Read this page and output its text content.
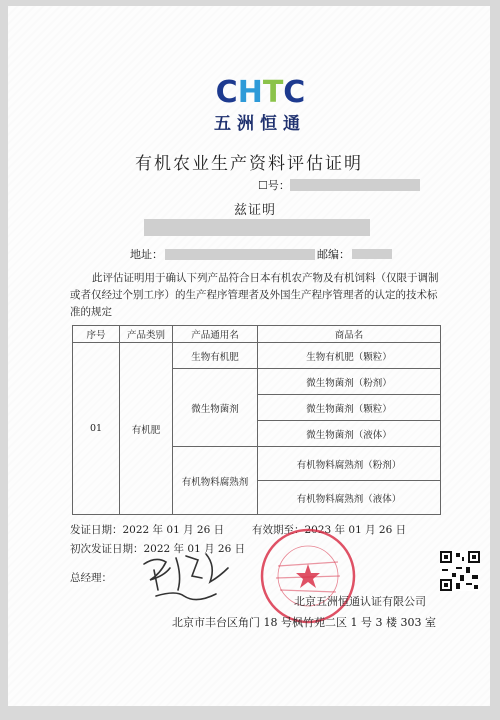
C H T C
五洲恒通
有机农业生产资料评估证明
☐号：
兹证明
地址：	邮编：
此评估证明用于确认下列产品符合日本有机农产物及有机饲料（仅限于调制或者仅经过个别工序）的生产程序管理者及外国生产程序管理者的认定的技术标准的规定
序号	产品类别	产品通用名	商品名
01	有机肥	生物有机肥	生物有机肥（颗粒）
		微生物菌剂	微生物菌剂（粉剂）
			微生物菌剂（颗粒）
			微生物菌剂（液体）
		有机物料腐熟剂	有机物料腐熟剂（粉剂）
			有机物料腐熟剂（液体）
发证日期：2022 年 01 月 26 日	有效期至：2023 年 01 月 26 日
初次发证日期：2022 年 01 月 26 日
总经理：
北京五洲恒通认证有限公司
北京市丰台区角门 18 号枫竹苑二区 1 号 3 楼 303 室
